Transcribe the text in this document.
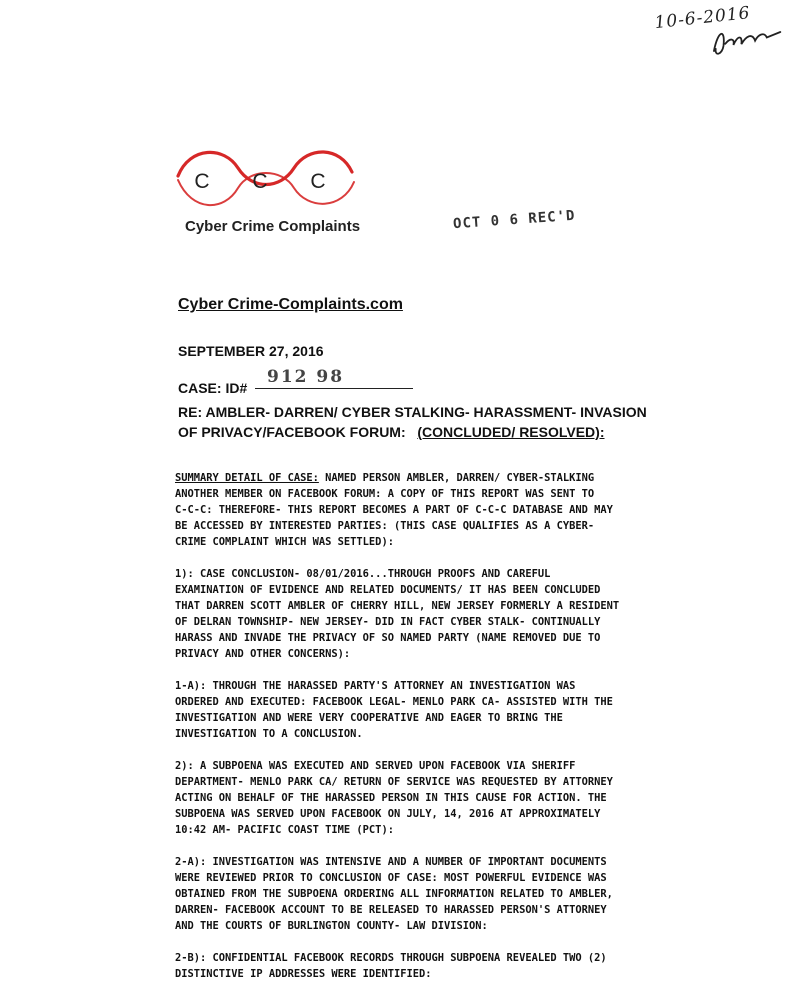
10-6-2016
C	C	C
Cyber Crime Complaints	OCT 0 6 REC'D
Cyber Crime-Complaints.com
SEPTEMBER 27, 2016
CASE: ID#
912 98
RE: AMBLER- DARREN/ CYBER STALKING- HARASSMENT- INVASION
OF PRIVACY/FACEBOOK FORUM: (CONCLUDED/ RESOLVED):
SUMMARY DETAIL OF CASE: NAMED PERSON AMBLER, DARREN/ CYBER-STALKING
ANOTHER MEMBER ON FACEBOOK FORUM: A COPY OF THIS REPORT WAS SENT TO
C-C-C: THEREFORE- THIS REPORT BECOMES A PART OF C-C-C DATABASE AND MAY
BE ACCESSED BY INTERESTED PARTIES: (THIS CASE QUALIFIES AS A CYBER-
CRIME COMPLAINT WHICH WAS SETTLED):
1): CASE CONCLUSION- 08/01/2016...THROUGH PROOFS AND CAREFUL
EXAMINATION OF EVIDENCE AND RELATED DOCUMENTS/ IT HAS BEEN CONCLUDED
THAT DARREN SCOTT AMBLER OF CHERRY HILL, NEW JERSEY FORMERLY A RESIDENT
OF DELRAN TOWNSHIP- NEW JERSEY- DID IN FACT CYBER STALK- CONTINUALLY
HARASS AND INVADE THE PRIVACY OF SO NAMED PARTY (NAME REMOVED DUE TO
PRIVACY AND OTHER CONCERNS):
1-A): THROUGH THE HARASSED PARTY'S ATTORNEY AN INVESTIGATION WAS
ORDERED AND EXECUTED: FACEBOOK LEGAL- MENLO PARK CA- ASSISTED WITH THE
INVESTIGATION AND WERE VERY COOPERATIVE AND EAGER TO BRING THE
INVESTIGATION TO A CONCLUSION.
2): A SUBPOENA WAS EXECUTED AND SERVED UPON FACEBOOK VIA SHERIFF
DEPARTMENT- MENLO PARK CA/ RETURN OF SERVICE WAS REQUESTED BY ATTORNEY
ACTING ON BEHALF OF THE HARASSED PERSON IN THIS CAUSE FOR ACTION. THE
SUBPOENA WAS SERVED UPON FACEBOOK ON JULY, 14, 2016 AT APPROXIMATELY
10:42 AM- PACIFIC COAST TIME (PCT):
2-A): INVESTIGATION WAS INTENSIVE AND A NUMBER OF IMPORTANT DOCUMENTS
WERE REVIEWED PRIOR TO CONCLUSION OF CASE: MOST POWERFUL EVIDENCE WAS
OBTAINED FROM THE SUBPOENA ORDERING ALL INFORMATION RELATED TO AMBLER,
DARREN- FACEBOOK ACCOUNT TO BE RELEASED TO HARASSED PERSON'S ATTORNEY
AND THE COURTS OF BURLINGTON COUNTY- LAW DIVISION:
2-B): CONFIDENTIAL FACEBOOK RECORDS THROUGH SUBPOENA REVEALED TWO (2)
DISTINCTIVE IP ADDRESSES WERE IDENTIFIED:
